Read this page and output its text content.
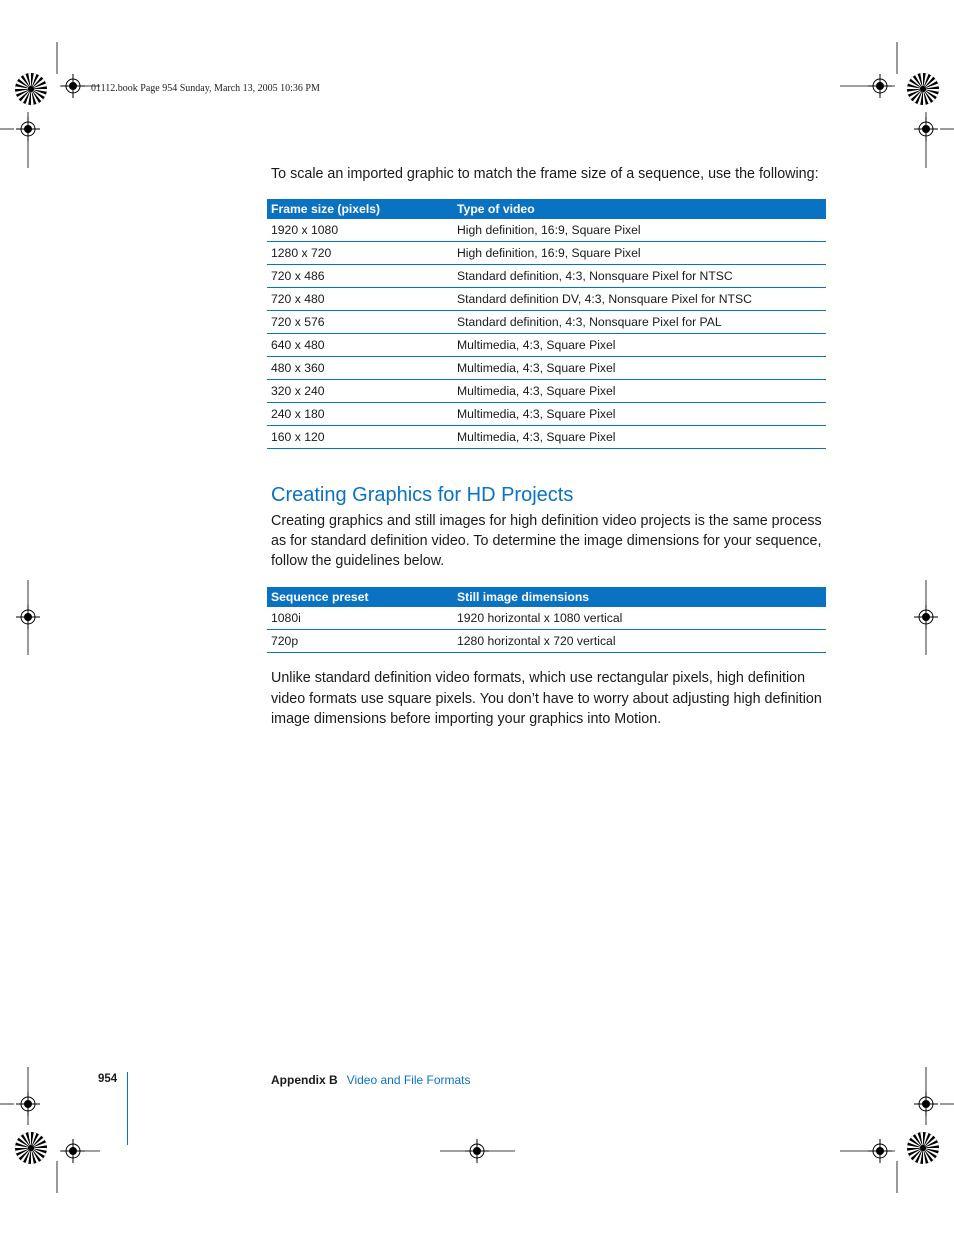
01112.book Page 954 Sunday, March 13, 2005 10:36 PM
To scale an imported graphic to match the frame size of a sequence, use the following:
Frame size (pixels)	Type of video
1920 x 1080	High definition, 16:9, Square Pixel
1280 x 720	High definition, 16:9, Square Pixel
720 x 486	Standard definition, 4:3, Nonsquare Pixel for NTSC
720 x 480	Standard definition DV, 4:3, Nonsquare Pixel for NTSC
720 x 576	Standard definition, 4:3, Nonsquare Pixel for PAL
640 x 480	Multimedia, 4:3, Square Pixel
480 x 360	Multimedia, 4:3, Square Pixel
320 x 240	Multimedia, 4:3, Square Pixel
240 x 180	Multimedia, 4:3, Square Pixel
160 x 120	Multimedia, 4:3, Square Pixel
Creating Graphics for HD Projects
Creating graphics and still images for high definition video projects is the same process as for standard definition video. To determine the image dimensions for your sequence, follow the guidelines below.
Sequence preset	Still image dimensions
1080i	1920 horizontal x 1080 vertical
720p	1280 horizontal x 720 vertical
Unlike standard definition video formats, which use rectangular pixels, high definition video formats use square pixels. You don’t have to worry about adjusting high definition image dimensions before importing your graphics into Motion.
954	Appendix B Video and File Formats
